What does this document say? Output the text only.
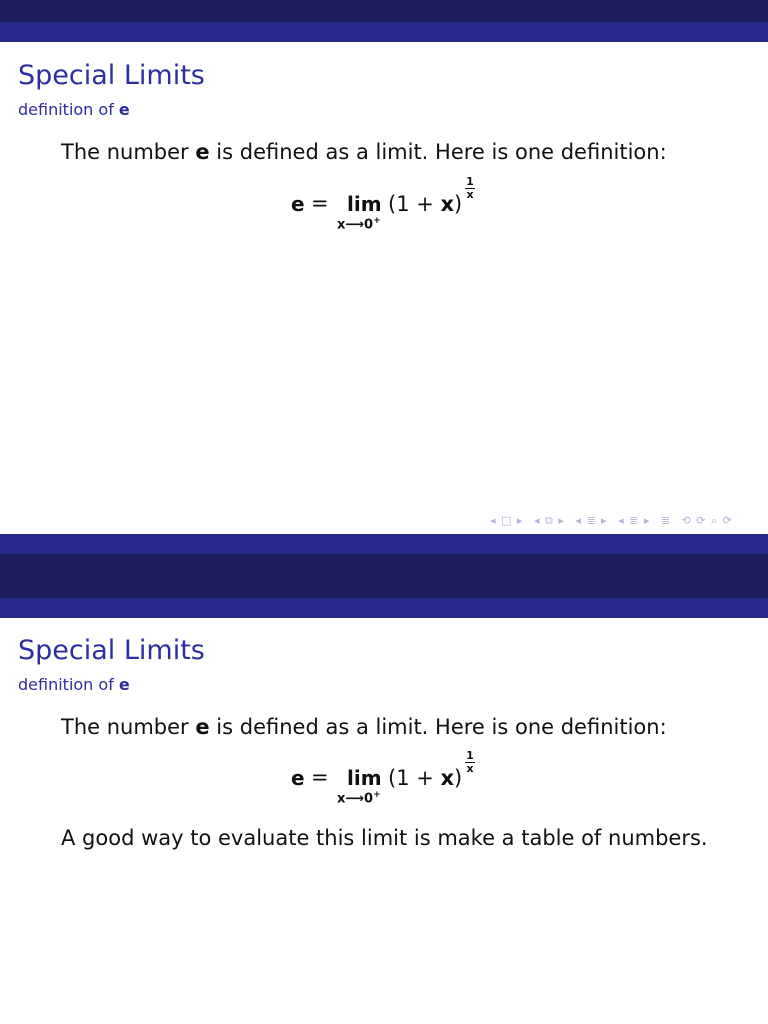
Special Limits
definition of e
The number e is defined as a limit. Here is one definition:
e = lim
x⟶0+
(1 + x)
$\frac{1}{x}$
◂ □ ▸ ◂ ⧉ ▸ ◂ ≣ ▸ ◂ ≣ ▸ ≣ ⟲ ⟳ ⌕ ⟳
Special Limits
definition of e
The number e is defined as a limit. Here is one definition:
e = lim
x⟶0+
(1 + x)
$\frac{1}{x}$
A good way to evaluate this limit is make a table of numbers.
